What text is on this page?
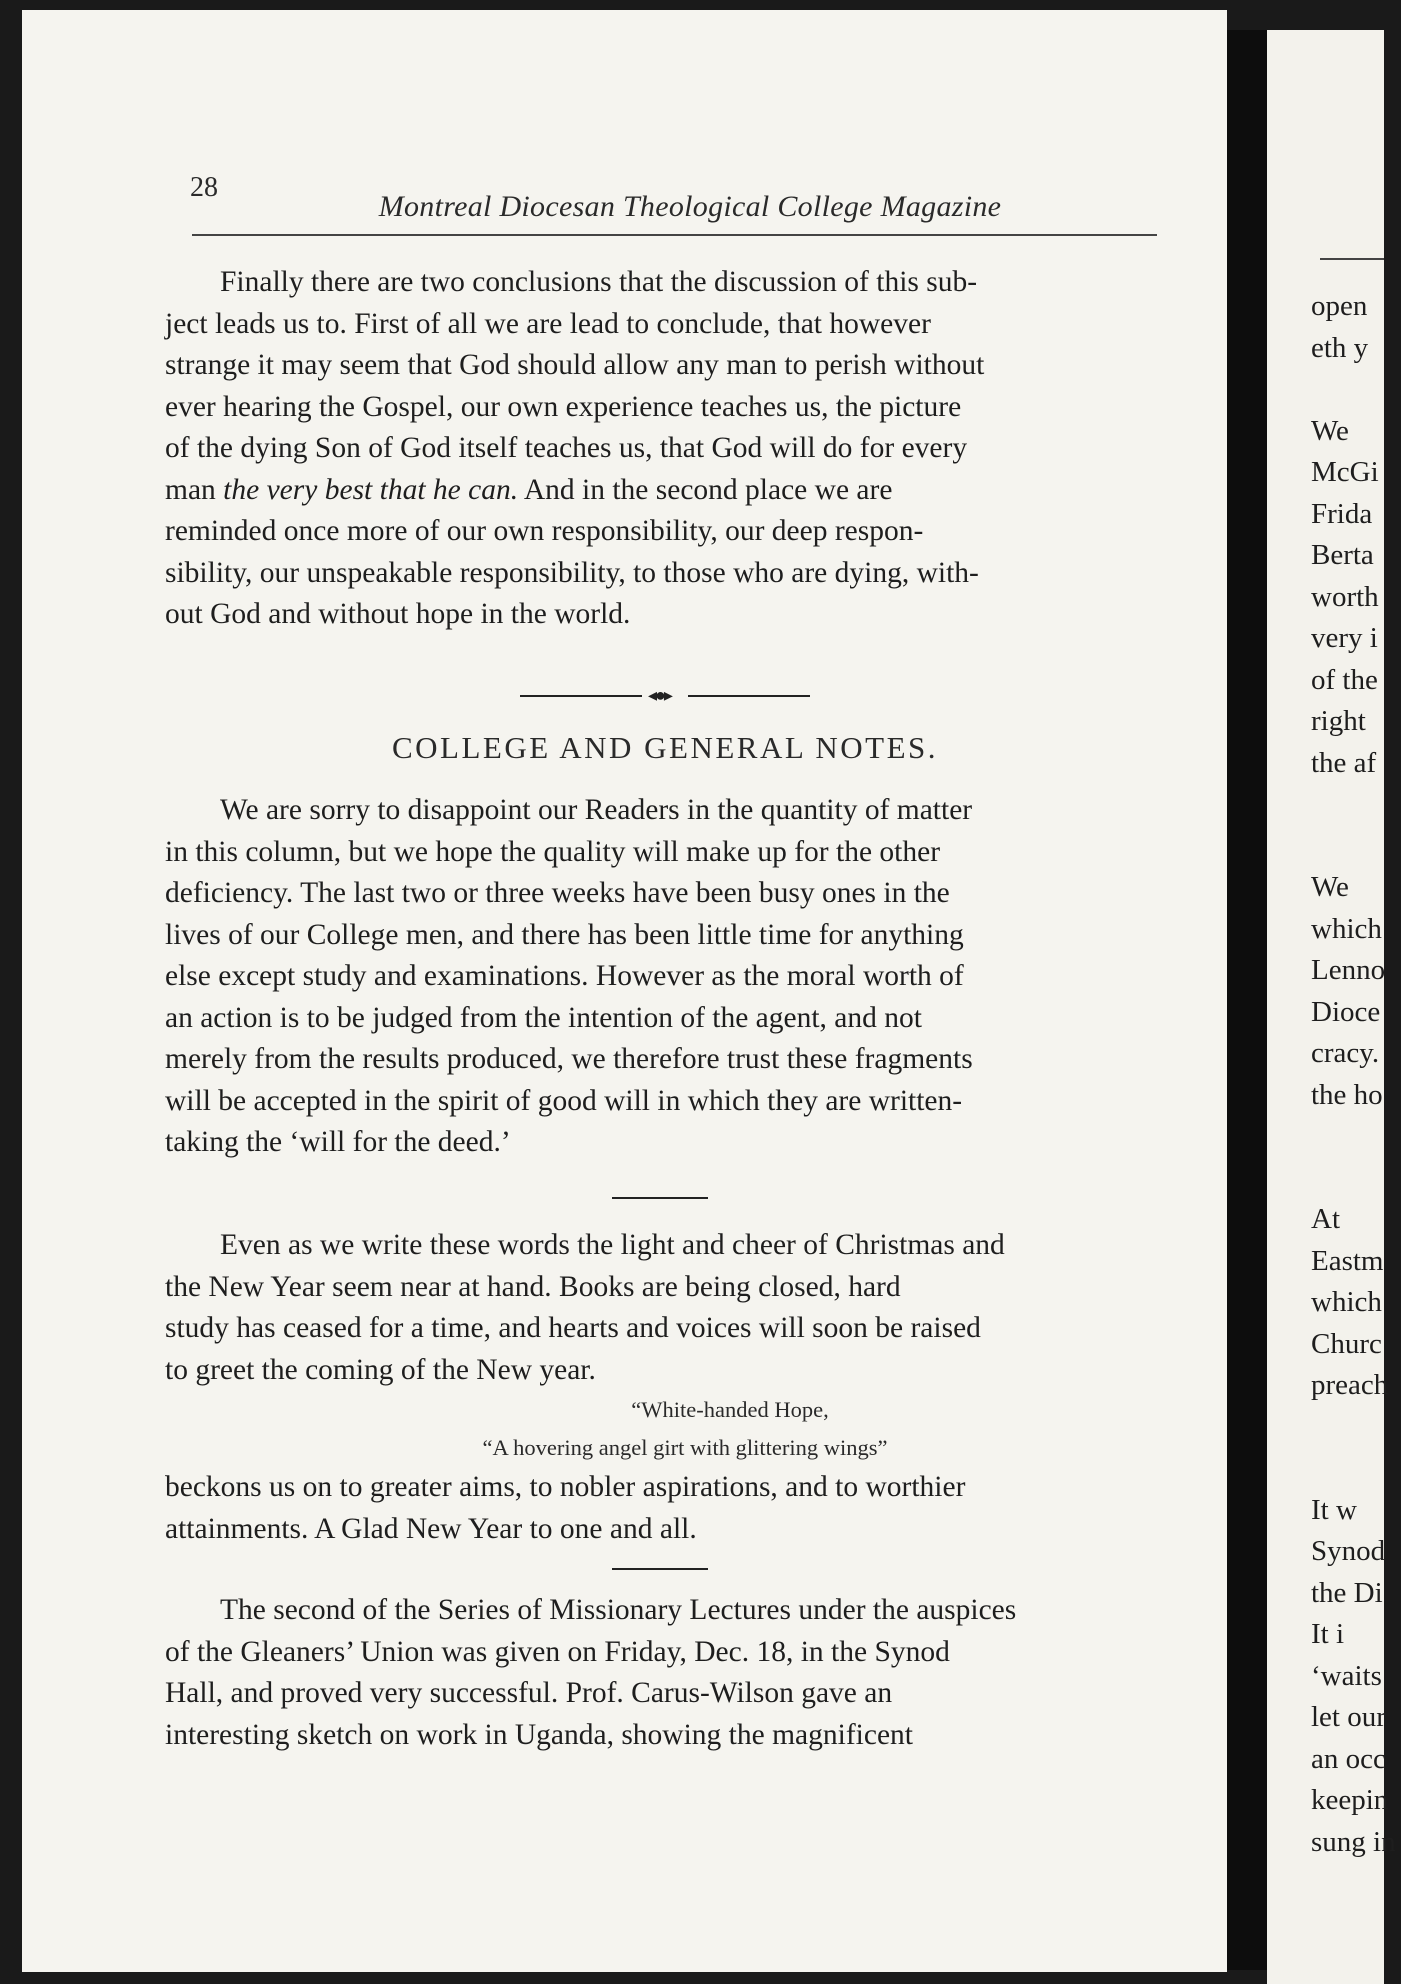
28
Montreal Diocesan Theological College Magazine

Finally there are two conclusions that the discussion of this sub-

ject leads us to. First of all we are lead to conclude, that however

strange it may seem that God should allow any man to perish without

ever hearing the Gospel, our own experience teaches us, the picture

of the dying Son of God itself teaches us, that God will do for every

man the very best that he can. And in the second place we are

reminded once more of our own responsibility, our deep respon-

sibility, our unspeakable responsibility, to those who are dying, with-

out God and without hope in the world.

◂●▸
COLLEGE AND GENERAL NOTES.

We are sorry to disappoint our Readers in the quantity of matter

in this column, but we hope the quality will make up for the other

deficiency. The last two or three weeks have been busy ones in the

lives of our College men, and there has been little time for anything

else except study and examinations. However as the moral worth of

an action is to be judged from the intention of the agent, and not

merely from the results produced, we therefore trust these fragments

will be accepted in the spirit of good will in which they are written-

taking the ‘will for the deed.’

Even as we write these words the light and cheer of Christmas and

the New Year seem near at hand. Books are being closed, hard

study has ceased for a time, and hearts and voices will soon be raised

to greet the coming of the New year.

“White-handed Hope,
“A hovering angel girt with glittering wings”

beckons us on to greater aims, to nobler aspirations, and to worthier

attainments. A Glad New Year to one and all.

The second of the Series of Missionary Lectures under the auspices

of the Gleaners’ Union was given on Friday, Dec. 18, in the Synod

Hall, and proved very successful. Prof. Carus-Wilson gave an

interesting sketch on work in Uganda, showing the magnificent

open
eth y
We
McGi
Frida
Berta
worth
very i
of the
right
the af
We
which
Lenno
Dioce
cracy.
the ho
At
Eastm
which
Churc
preach
It w
Synod
the Di
It i
‘waits
let our
an occ
keepin
sung in
